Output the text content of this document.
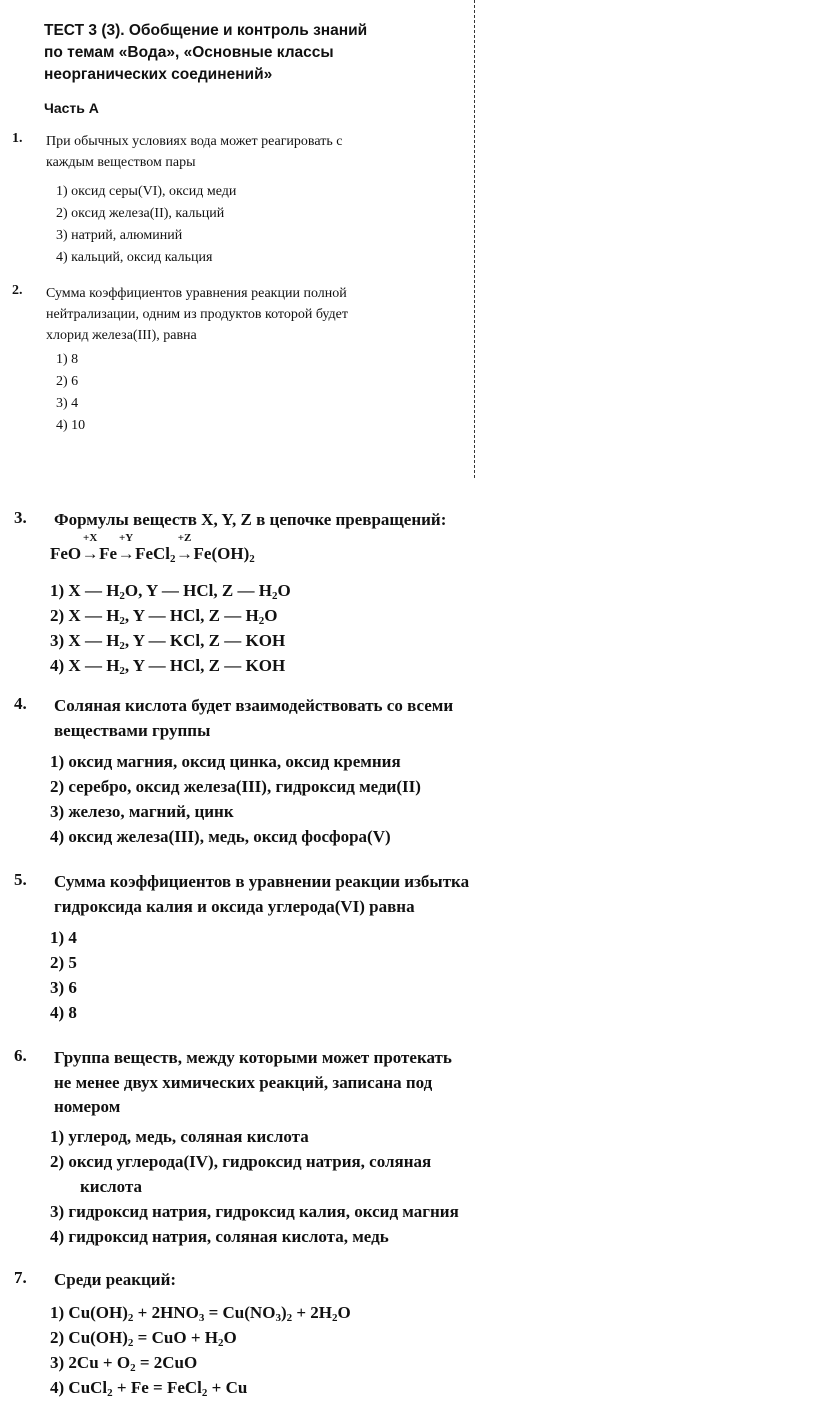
ТЕСТ 3 (3). Обобщение и контроль знаний
по темам «Вода», «Основные классы
неорганических соединений»
Часть А
1. При обычных условиях вода может реагировать с
каждым веществом пары
1) оксид серы(VI), оксид меди
2) оксид железа(II), кальций
3) натрий, алюминий
4) кальций, оксид кальция
2. Сумма коэффициентов уравнения реакции полной
нейтрализации, одним из продуктов которой будет
хлорид железа(III), равна
1) 8
2) 6
3) 4
4) 10
3. Формулы веществ X, Y, Z в цепочке превращений:
FeO
+X
→Fe
+Y
→FeCl$_2$
+Z
$\to Fe(OH)_2$
1) X — $H_2O$, Y — HCl, Z — $H_2O$
2) X — $H_2$, Y — HCl, Z — $H_2O$
3) X — $H_2$, Y — KCl, Z — KOH
4) X — $H_2$, Y — HCl, Z — KOH
4. Соляная кислота будет взаимодействовать со всеми
веществами группы
1) оксид магния, оксид цинка, оксид кремния
2) серебро, оксид железа(III), гидроксид меди(II)
3) железо, магний, цинк
4) оксид железа(III), медь, оксид фосфора(V)
5. Сумма коэффициентов в уравнении реакции избытка
гидроксида калия и оксида углерода(VI) равна
1) 4
2) 5
3) 6
4) 8
6. Группа веществ, между которыми может протекать
не менее двух химических реакций, записана под
номером
1) углерод, медь, соляная кислота
2) оксид углерода(IV), гидроксид натрия, соляная
кислота
3) гидроксид натрия, гидроксид калия, оксид магния
4) гидроксид натрия, соляная кислота, медь
7. Среди реакций:
1) $Cu(OH)_2 + 2HNO_3 = Cu(NO_3)_2 + 2H_2O$
2) $Cu(OH)_2$ = CuO + $H_2O$
3) $2Cu + O_2 = 2CuO$
4) CuCl$_2$ + Fe = FeCl$_2$ + Cu
